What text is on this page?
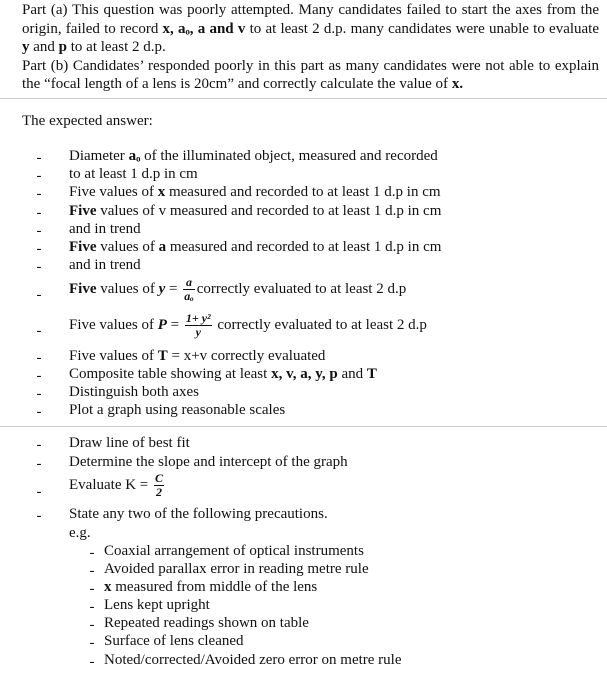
Part (a) This question was poorly attempted. Many candidates failed to start the axes from the origin, failed to record x, aₒ, a and v to at least 2 d.p. many candidates were unable to evaluate y and p to at least 2 d.p.

Part (b) Candidates’ responded poorly in this part as many candidates were not able to explain the “focal length of a lens is 20cm” and correctly calculate the value of x.

The expected answer:
- Diameter aₒ of the illuminated object, measured and recorded
- to at least 1 d.p in cm
- Five values of x measured and recorded to at least 1 d.p in cm
- Five values of v measured and recorded to at least 1 d.p in cm
- and in trend
- Five values of a measured and recorded to at least 1 d.p in cm
- and in trend
- Five values of $y = \frac{a}{\text{aₒ}}$ correctly evaluated to at least 2 d.p
- Five values of $P = \frac{\text{1+ y²}}{y}$ correctly evaluated to at least 2 d.p
- Five values of T = x+v correctly evaluated
- Composite table showing at least x, v, a, y, p and T
- Distinguish both axes
- Plot a graph using reasonable scales
- Draw line of best fit
- Determine the slope and intercept of the graph
- Evaluate $K = \frac{C}{2}$
- State any two of the following precautions.
e.g.
- Coaxial arrangement of optical instruments
- Avoided parallax error in reading metre rule
- x measured from middle of the lens
- Lens kept upright
- Repeated readings shown on table
- Surface of lens cleaned
- Noted/corrected/Avoided zero error on metre rule
